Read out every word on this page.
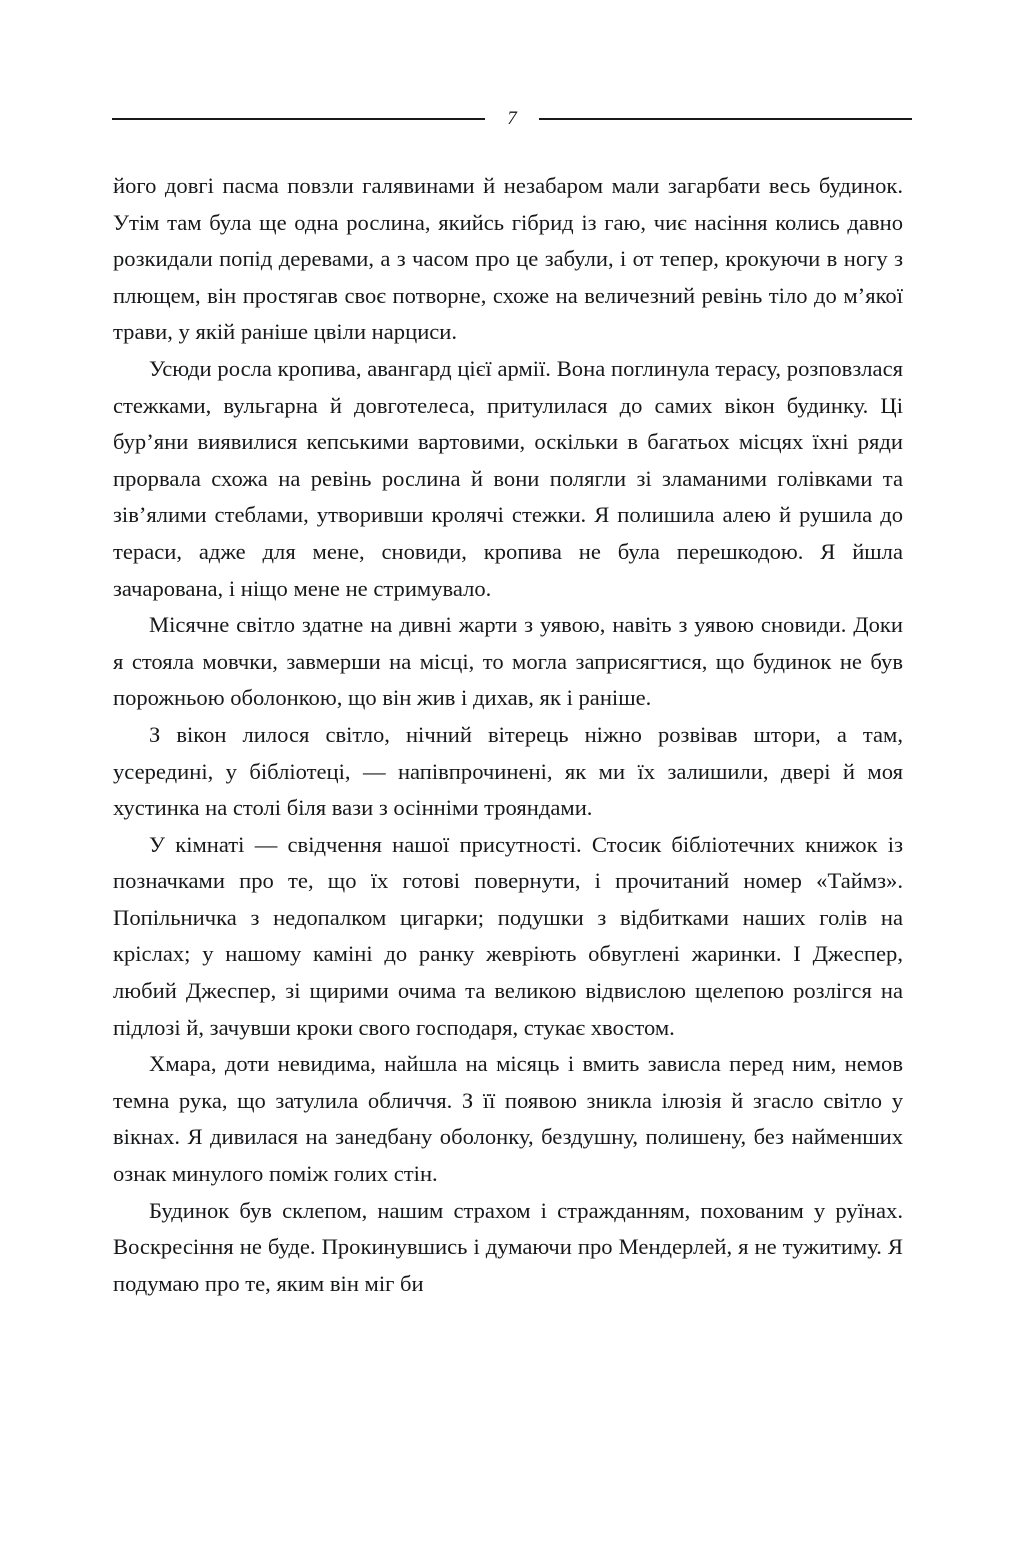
7

його довгі пасма повзли галявинами й незабаром мали загарбати весь будинок. Утім там була ще одна рослина, якийсь гібрид із гаю, чиє насіння колись давно розкидали попід деревами, а з часом про це забули, і от тепер, крокуючи в ногу з плющем, він простягав своє потворне, схоже на величезний ревінь тіло до м’якої трави, у якій раніше цвіли нарциси.

Усюди росла кропива, авангард цієї армії. Вона поглинула терасу, розповзлася стежками, вульгарна й довготелеса, притулилася до самих вікон будинку. Ці бур’яни виявилися кепськими вартовими, оскільки в багатьох місцях їхні ряди прорвала схожа на ревінь рослина й вони полягли зі зламаними голівками та зів’ялими стеблами, утворивши кролячі стежки. Я полишила алею й рушила до тераси, адже для мене, сновиди, кропива не була перешкодою. Я йшла зачарована, і ніщо мене не стримувало.

Місячне світло здатне на дивні жарти з уявою, навіть з уявою сновиди. Доки я стояла мовчки, завмерши на місці, то могла заприсягтися, що будинок не був порожньою оболонкою, що він жив і дихав, як і раніше.

З вікон лилося світло, нічний вітерець ніжно розвівав штори, а там, усередині, у бібліотеці, — напівпрочинені, як ми їх залишили, двері й моя хустинка на столі біля вази з осінніми трояндами.

У кімнаті — свідчення нашої присутності. Стосик бібліотечних книжок із позначками про те, що їх готові повернути, і прочитаний номер «Таймз». Попільничка з недопалком цигарки; подушки з відбитками наших голів на кріслах; у нашому каміні до ранку жевріють обвуглені жаринки. І Джеспер, любий Джеспер, зі щирими очима та великою відвислою щелепою розлігся на підлозі й, зачувши кроки свого господаря, стукає хвостом.

Хмара, доти невидима, найшла на місяць і вмить зависла перед ним, немов темна рука, що затулила обличчя. З її появою зникла ілюзія й згасло світло у вікнах. Я дивилася на занедбану оболонку, бездушну, полишену, без найменших ознак минулого поміж голих стін.

Будинок був склепом, нашим страхом і стражданням, похованим у руїнах. Воскресіння не буде. Прокинувшись і думаючи про Мендерлей, я не тужитиму. Я подумаю про те, яким він міг би
